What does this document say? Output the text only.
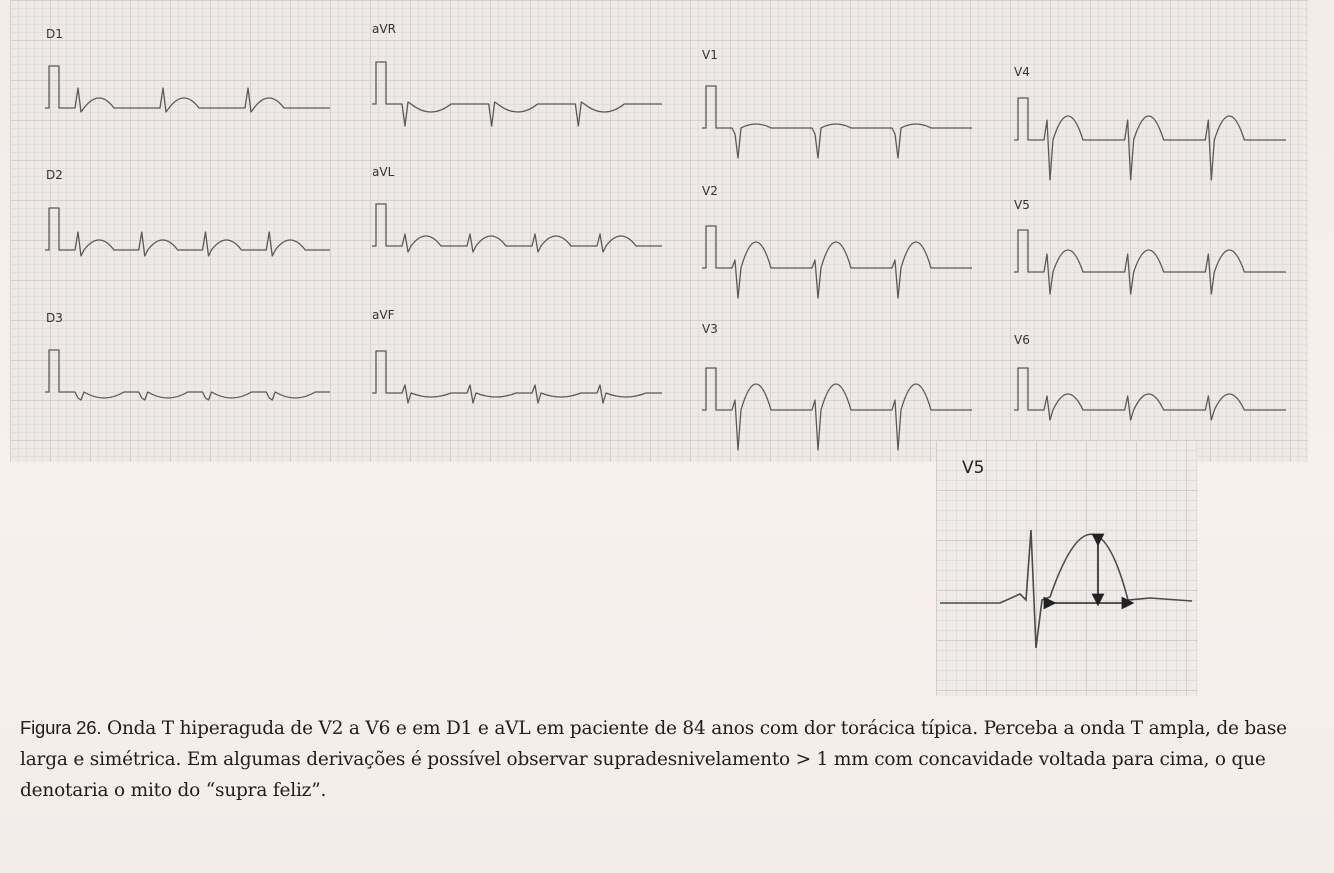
D1	aVR
V1
V4
D2	aVL
V2
V5
D3	aVF
V3
V6
V5
Figura 26. Onda T hiperaguda de V2 a V6 e em D1 e aVL em paciente de 84 anos com dor torácica típica. Perceba a onda T ampla, de base larga e simétrica. Em algumas derivações é possível observar supradesnivelamento > 1 mm com concavidade voltada para cima, o que denotaria o mito do “supra feliz”.
